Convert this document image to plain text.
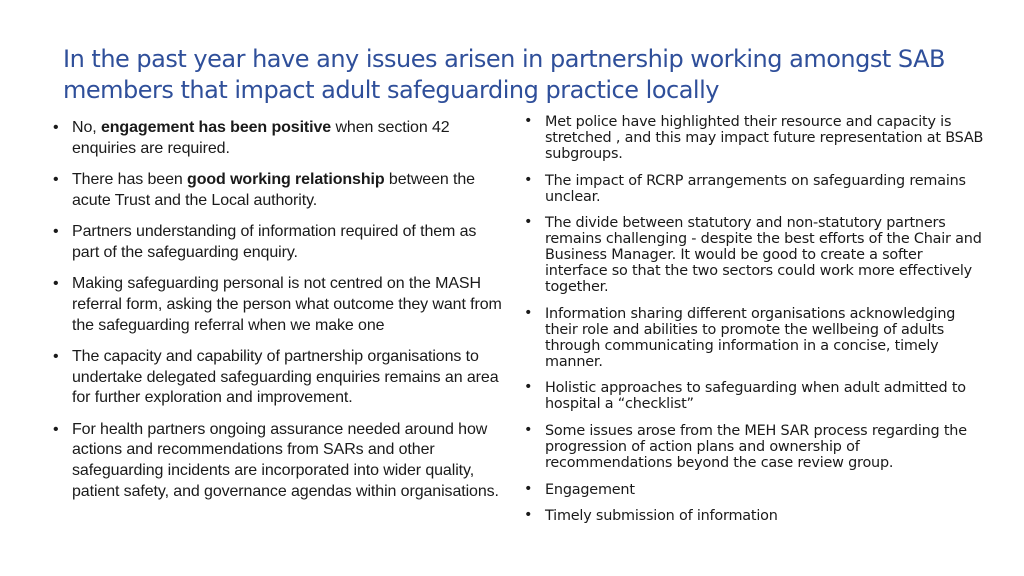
In the past year have any issues arisen in partnership working amongst SAB members that impact adult safeguarding practice locally
• No, engagement has been positive when section 42 enquiries are required.
• There has been good working relationship between the acute Trust and the Local authority.
• Partners understanding of information required of them as part of the safeguarding enquiry.
• Making safeguarding personal is not centred on the MASH referral form, asking the person what outcome they want from the safeguarding referral when we make one
• The capacity and capability of partnership organisations to undertake delegated safeguarding enquiries remains an area for further exploration and improvement.
• For health partners ongoing assurance needed around how actions and recommendations from SARs and other safeguarding incidents are incorporated into wider quality, patient safety, and governance agendas within organisations.
• Met police have highlighted their resource and capacity is stretched , and this may impact future representation at BSAB subgroups.
• The impact of RCRP arrangements on safeguarding remains unclear.
• The divide between statutory and non-statutory partners remains challenging - despite the best efforts of the Chair and Business Manager. It would be good to create a softer interface so that the two sectors could work more effectively together.
• Information sharing different organisations acknowledging their role and abilities to promote the wellbeing of adults through communicating information in a concise, timely manner.
• Holistic approaches to safeguarding when adult admitted to hospital a “checklist”
• Some issues arose from the MEH SAR process regarding the progression of action plans and ownership of recommendations beyond the case review group.
• Engagement
• Timely submission of information
